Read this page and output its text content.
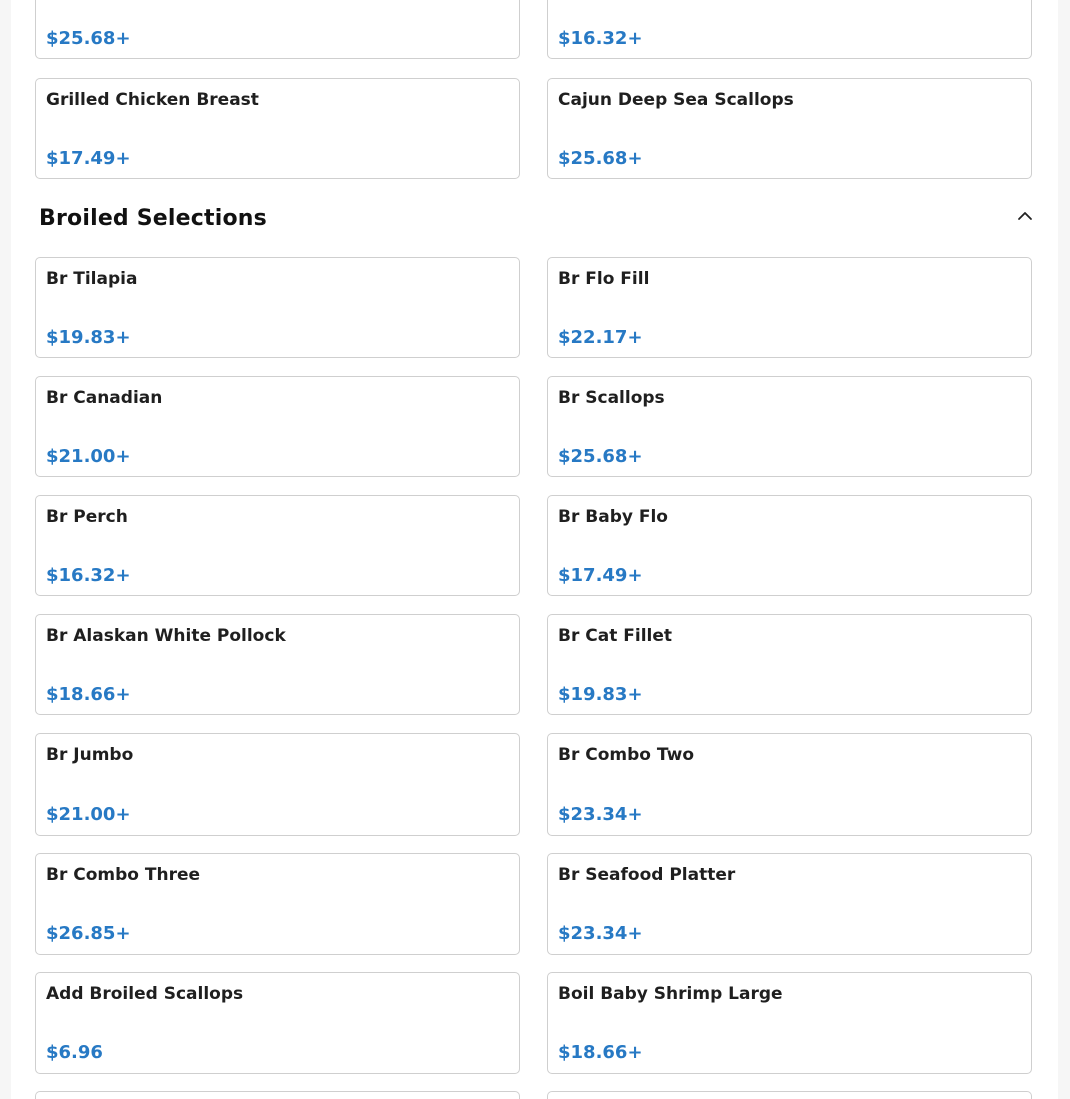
$25.68+	$16.32+
Grilled Chicken Breast
$17.49+
Cajun Deep Sea Scallops
$25.68+
Broiled Selections
Br Tilapia
$19.83+
Br Flo Fill
$22.17+
Br Canadian
$21.00+
Br Scallops
$25.68+
Br Perch
$16.32+
Br Baby Flo
$17.49+
Br Alaskan White Pollock
$18.66+
Br Cat Fillet
$19.83+
Br Jumbo
$21.00+
Br Combo Two
$23.34+
Br Combo Three
$26.85+
Br Seafood Platter
$23.34+
Add Broiled Scallops
$6.96
Boil Baby Shrimp Large
$18.66+
